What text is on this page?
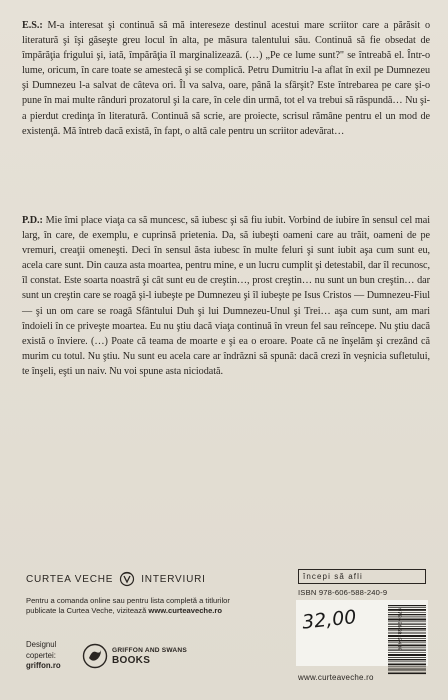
E.S.: M-a interesat şi continuă să mă intereseze destinul acestui mare scriitor care a părăsit o literatură şi îşi găseşte greu locul în alta, pe măsura talentului său. Continuă să fie obsedat de împărăţia frigului şi, iată, împărăţia îl marginalizează. (…) „Pe ce lume sunt?" se întreabă el. Într-o lume, oricum, în care toate se amestecă şi se complică. Petru Dumitriu l-a aflat în exil pe Dumnezeu şi Dumnezeu l-a salvat de câteva ori. Îl va salva, oare, până la sfârşit? Este întrebarea pe care şi-o pune în mai multe rânduri prozatorul şi la care, în cele din urmă, tot el va trebui să răspundă… Nu şi-a pierdut credinţa în literatură. Continuă să scrie, are proiecte, scrisul rămâne pentru el un mod de existenţă. Mă întreb dacă există, în fapt, o altă cale pentru un scriitor adevărat…

P.D.: Mie îmi place viaţa ca să muncesc, să iubesc şi să fiu iubit. Vorbind de iubire în sensul cel mai larg, în care, de exemplu, e cuprinsă prietenia. Da, să iubeşti oameni care au trăit, oameni de pe vremuri, creaţii omeneşti. Deci în sensul ăsta iubesc în multe feluri şi sunt iubit aşa cum sunt eu, acela care sunt. Din cauza asta moartea, pentru mine, e un lucru cumplit şi detestabil, dar îl recunosc, îl constat. Este soarta noastră şi cât sunt eu de creştin…, prost creştin… nu sunt un bun creştin… dar sunt un creştin care se roagă şi-l iubeşte pe Dumnezeu şi îl iubeşte pe Isus Cristos — Dumnezeu-Fiul — şi un om care se roagă Sfântului Duh şi lui Dumnezeu-Unul şi Trei… aşa cum sunt, am mari îndoieli în ce priveşte moartea. Eu nu ştiu dacă viaţa continuă în vreun fel sau reîncepe. Nu ştiu dacă există o înviere. (…) Poate că teama de moarte e şi ea o eroare. Poate că ne înşelăm şi crezând că murim cu totul. Nu ştiu. Nu sunt eu acela care ar îndrăzni să spună: dacă crezi în veşnicia sufletului, te înşeli, eşti un naiv. Nu voi spune asta niciodată.

CURTEA VECHE	INTERVIURI
Pentru a comanda online sau pentru lista completă a titlurilor publicate la Curtea Veche, vizitează www.curteaveche.ro
Designul copertei:
griffon.ro
GRIFFON AND SWANS
BOOKS
începi să afli
ISBN 978-606-588-240-9
32,00	9786065882409
www.curteaveche.ro
